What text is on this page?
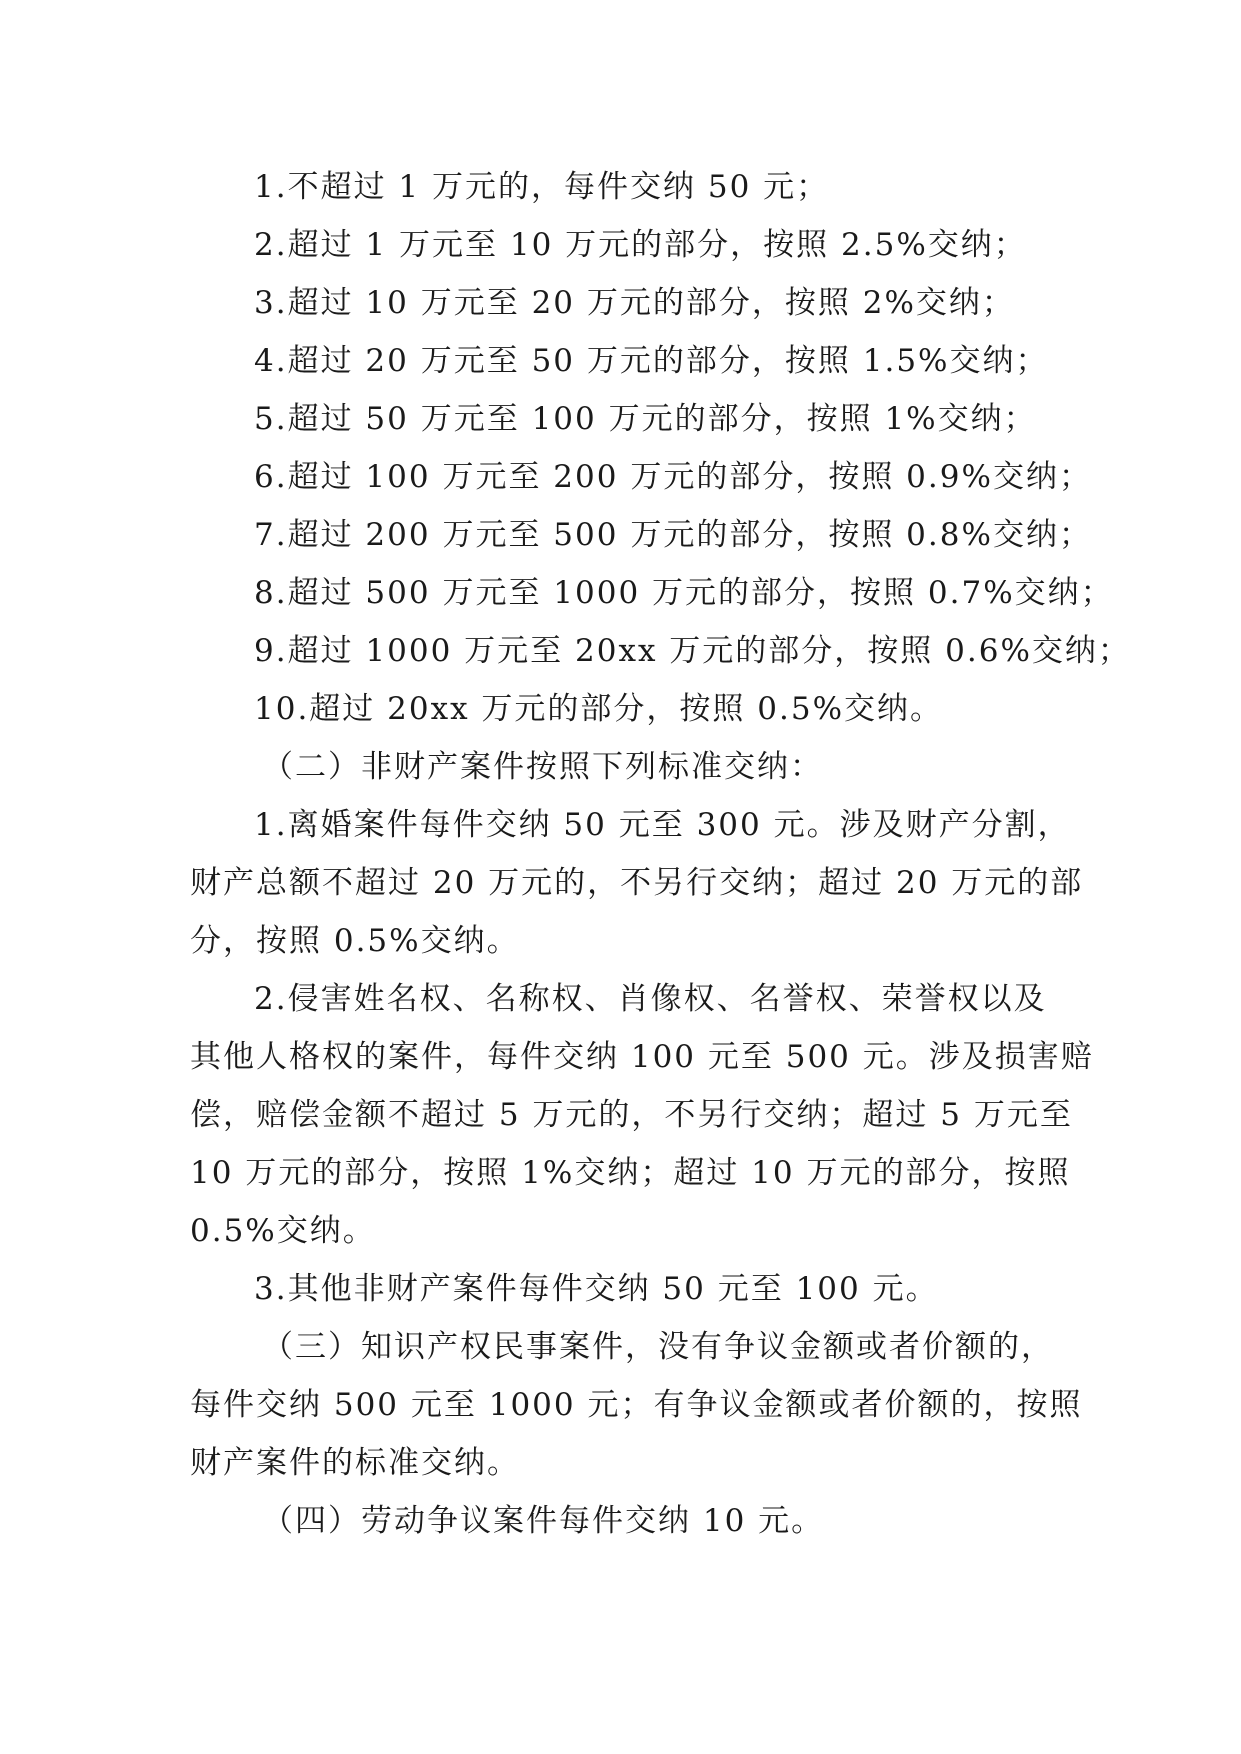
1.不超过 1 万元的，每件交纳 50 元；
2.超过 1 万元至 10 万元的部分，按照 2.5%交纳；
3.超过 10 万元至 20 万元的部分，按照 2%交纳；
4.超过 20 万元至 50 万元的部分，按照 1.5%交纳；
5.超过 50 万元至 100 万元的部分，按照 1%交纳；
6.超过 100 万元至 200 万元的部分，按照 0.9%交纳；
7.超过 200 万元至 500 万元的部分，按照 0.8%交纳；
8.超过 500 万元至 1000 万元的部分，按照 0.7%交纳；
9.超过 1000 万元至 20xx 万元的部分，按照 0.6%交纳；
10.超过 20xx 万元的部分，按照 0.5%交纳。
（二）非财产案件按照下列标准交纳：
1.离婚案件每件交纳 50 元至 300 元。涉及财产分割，
财产总额不超过 20 万元的，不另行交纳；超过 20 万元的部
分，按照 0.5%交纳。
2.侵害姓名权、名称权、肖像权、名誉权、荣誉权以及
其他人格权的案件，每件交纳 100 元至 500 元。涉及损害赔
偿，赔偿金额不超过 5 万元的，不另行交纳；超过 5 万元至
10 万元的部分，按照 1%交纳；超过 10 万元的部分，按照
0.5%交纳。
3.其他非财产案件每件交纳 50 元至 100 元。
（三）知识产权民事案件，没有争议金额或者价额的，
每件交纳 500 元至 1000 元；有争议金额或者价额的，按照
财产案件的标准交纳。
（四）劳动争议案件每件交纳 10 元。
